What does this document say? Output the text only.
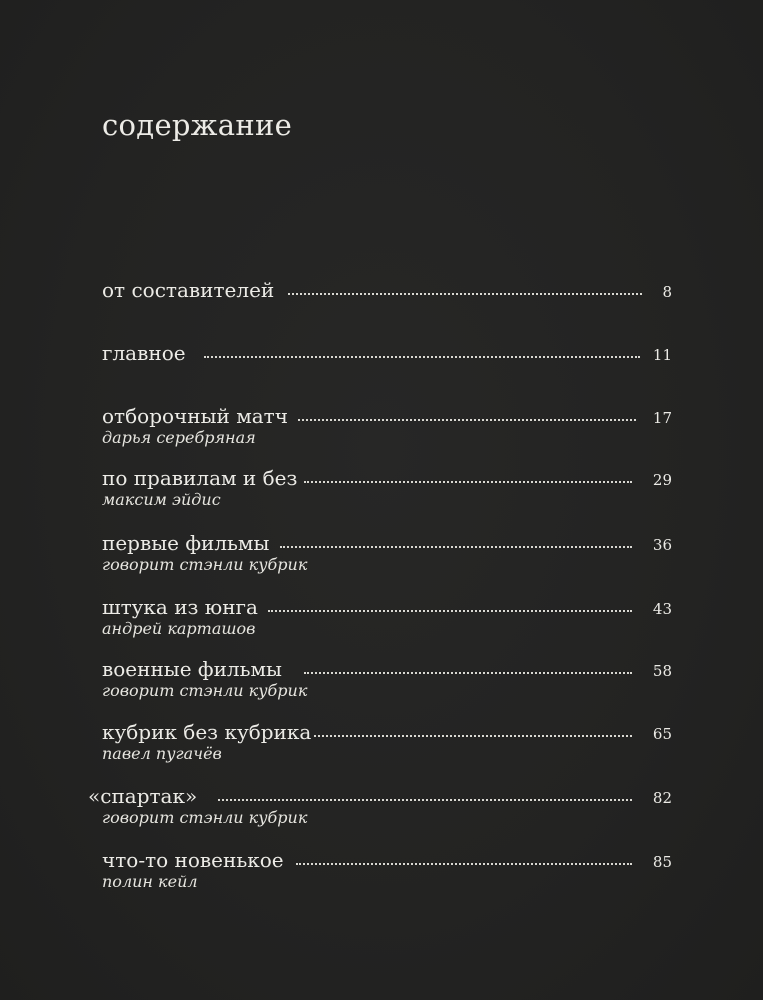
содержание
от составителей	8
главное	11
отборочный матч	17
дарья серебряная
по правилам и без	29
максим эйдис
первые фильмы	36
говорит стэнли кубрик
штука из юнга	43
андрей карташов
военные фильмы	58
говорит стэнли кубрик
кубрик без кубрика	65
павел пугачёв
«спартак»	82
говорит стэнли кубрик
что-то новенькое	85
полин кейл
